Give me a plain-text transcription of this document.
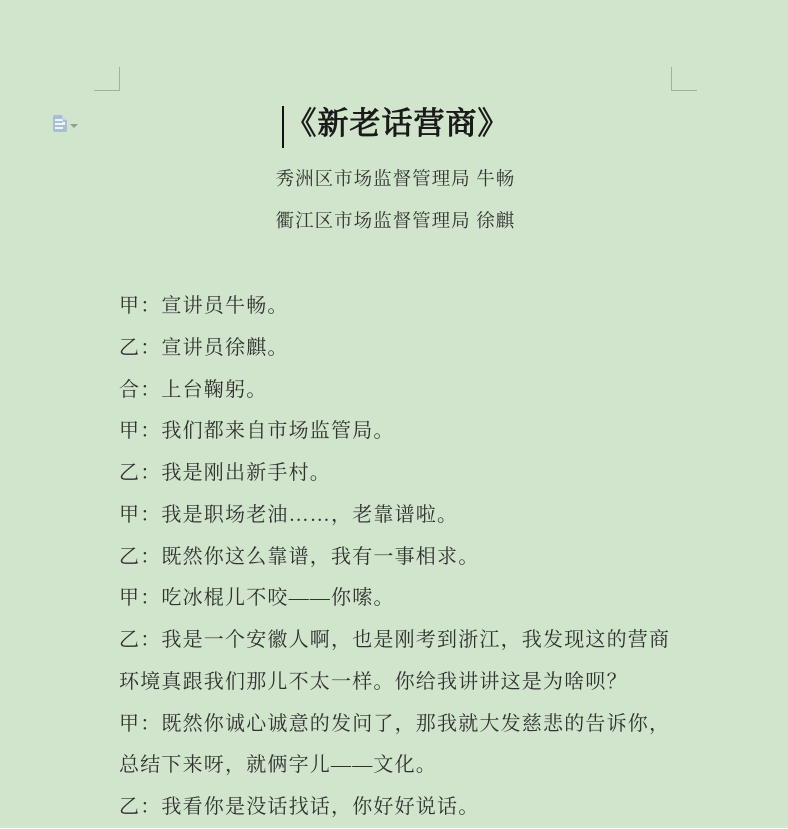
《新老话营商》

秀洲区市场监督管理局 牛畅

衢江区市场监督管理局 徐麒

甲：宣讲员牛畅。

乙：宣讲员徐麒。

合：上台鞠躬。

甲：我们都来自市场监管局。

乙：我是刚出新手村。

甲：我是职场老油……，老靠谱啦。

乙：既然你这么靠谱，我有一事相求。

甲：吃冰棍儿不咬——你嗦。

乙：我是一个安徽人啊，也是刚考到浙江，我发现这的营商

环境真跟我们那儿不太一样。你给我讲讲这是为啥呗？

甲：既然你诚心诚意的发问了，那我就大发慈悲的告诉你，

总结下来呀，就俩字儿——文化。

乙：我看你是没话找话，你好好说话。
